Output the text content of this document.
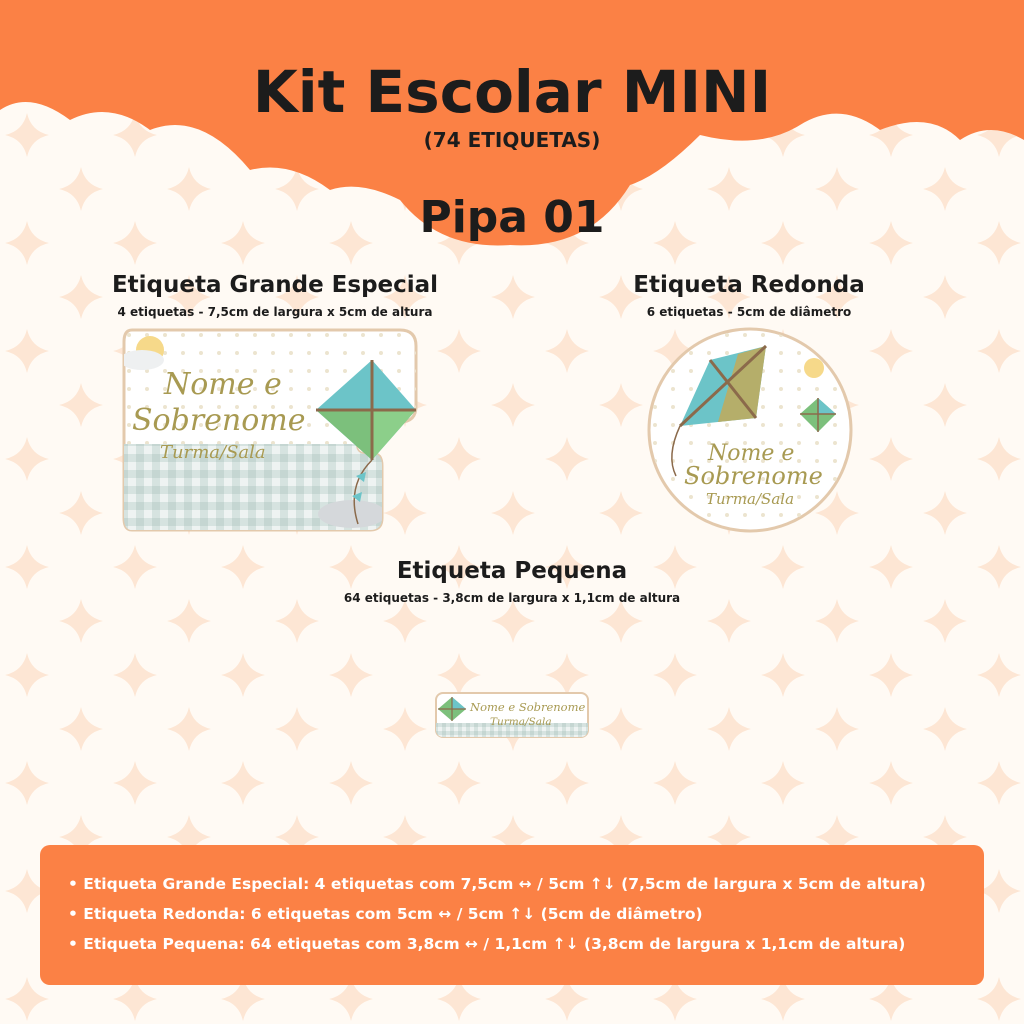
Kit Escolar MINI
(74 ETIQUETAS)
Pipa 01
Etiqueta Grande Especial
4 etiquetas - 7,5cm de largura x 5cm de altura
Nome e
Sobrenome
Turma/Sala
Etiqueta Redonda
6 etiquetas - 5cm de diâmetro
Nome e
Sobrenome
Turma/Sala
Etiqueta Pequena
64 etiquetas - 3,8cm de largura x 1,1cm de altura
Nome e Sobrenome
Turma/Sala
• Etiqueta Grande Especial: 4 etiquetas com 7,5cm ↔ / 5cm ↑↓ (7,5cm de largura x 5cm de altura)
• Etiqueta Redonda: 6 etiquetas com 5cm ↔ / 5cm ↑↓ (5cm de diâmetro)
• Etiqueta Pequena: 64 etiquetas com 3,8cm ↔ / 1,1cm ↑↓ (3,8cm de largura x 1,1cm de altura)
